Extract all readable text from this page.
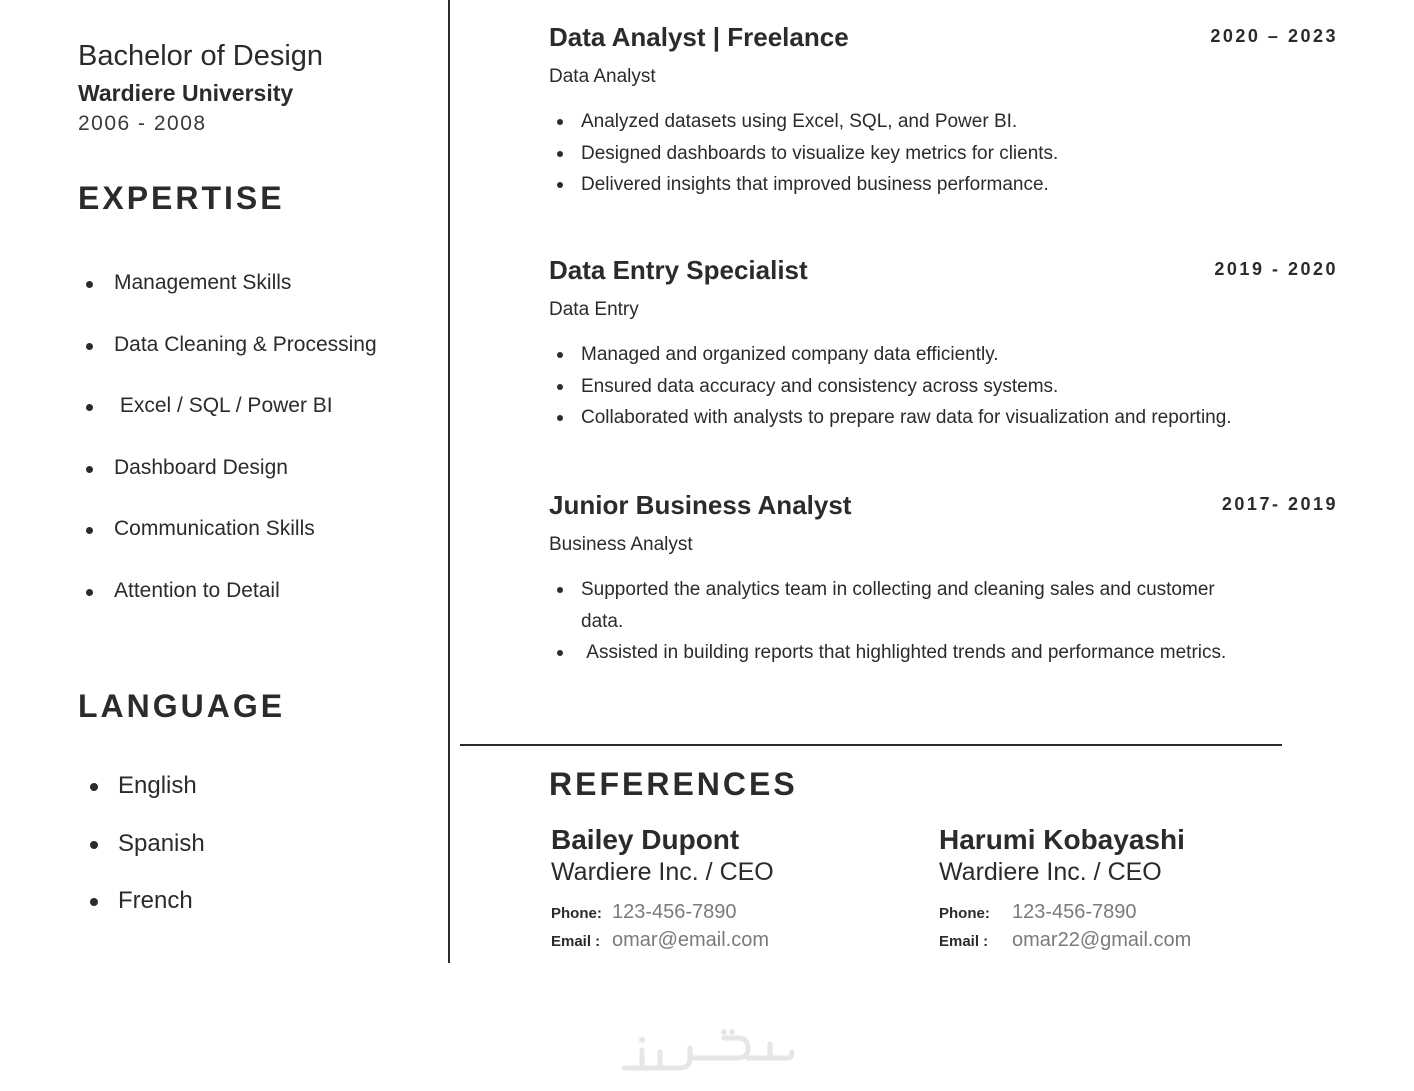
Bachelor of Design
Wardiere University
2006 - 2008
EXPERTISE
Management Skills
Data Cleaning & Processing
Excel / SQL / Power BI
Dashboard Design
Communication Skills
Attention to Detail
LANGUAGE
English
Spanish
French
Data Analyst | Freelance	2020 – 2023
Data Analyst
Analyzed datasets using Excel, SQL, and Power BI.
Designed dashboards to visualize key metrics for clients.
Delivered insights that improved business performance.
Data Entry Specialist	2019 - 2020
Data Entry
Managed and organized company data efficiently.
Ensured data accuracy and consistency across systems.
Collaborated with analysts to prepare raw data for visualization and reporting.
Junior Business Analyst	2017- 2019
Business Analyst
Supported the analytics team in collecting and cleaning sales and customer data.
Assisted in building reports that highlighted trends and performance metrics.
REFERENCES
Bailey Dupont
Wardiere Inc. / CEO
Phone: 123-456-7890
Email : omar@email.com
Harumi Kobayashi
Wardiere Inc. / CEO
Phone: 123-456-7890
Email : omar22@gmail.com
